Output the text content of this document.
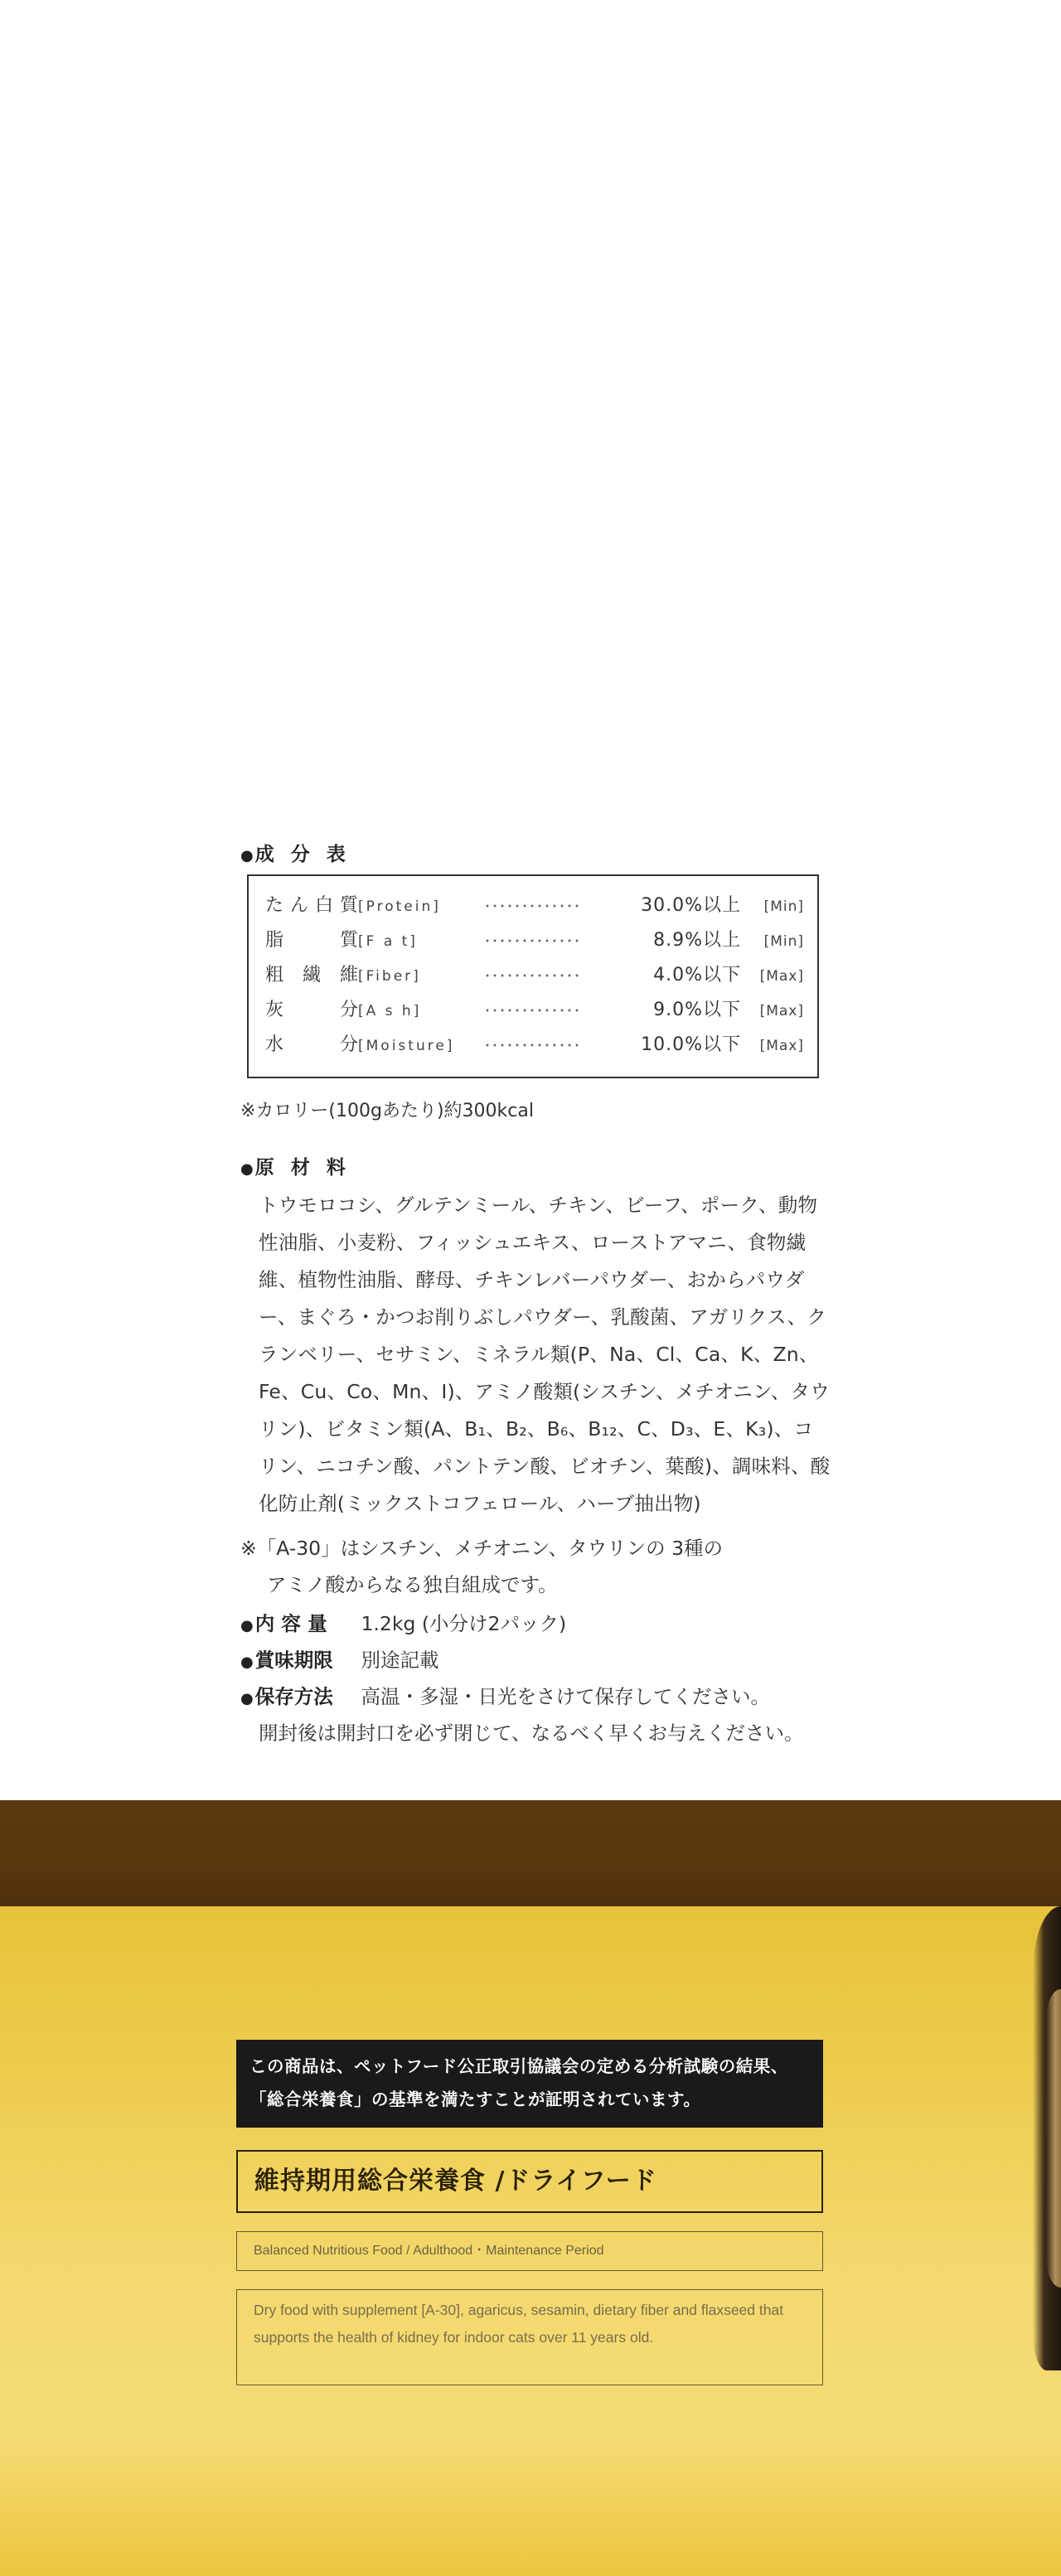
●成 分 表
た ん 白 質 [Protein]	･････････････	30.0%以上	[Min]
脂	質 [F a t]	･････････････	8.9%以上	[Min]
粗 繊 維 [Fiber]	･････････････	4.0%以下	[Max]
灰	分 [A s h]	･････････････	9.0%以下	[Max]
水	分 [Moisture]	･････････････	10.0%以下	[Max]
※カロリー(100gあたり)約300kcal
●原 材 料
トウモロコシ、グルテンミール、チキン、ビーフ、ポーク、動物性油脂、小麦粉、フィッシュエキス、ローストアマニ、食物繊維、植物性油脂、酵母、チキンレバーパウダー、おからパウダー、まぐろ・かつお削りぶしパウダー、乳酸菌、アガリクス、クランベリー、セサミン、ミネラル類(P、Na、Cl、Ca、K、Zn、Fe、Cu、Co、Mn、I)、アミノ酸類(シスチン、メチオニン、タウリン)、ビタミン類(A、B₁、B₂、B₆、B₁₂、C、D₃、E、K₃)、コリン、ニコチン酸、パントテン酸、ビオチン、葉酸)、調味料、酸化防止剤(ミックストコフェロール、ハーブ抽出物)
※「A-30」はシスチン、メチオニン、タウリンの 3種の
アミノ酸からなる独自組成です。
●内 容 量 1.2kg (小分け2パック)
●賞味期限 別途記載
●保存方法 高温・多湿・日光をさけて保存してください。
開封後は開封口を必ず閉じて、なるべく早くお与えください。
この商品は、ペットフード公正取引協議会の定める分析試験の結果、「総合栄養食」の基準を満たすことが証明されています。
維持期用総合栄養食 /ドライフード
Balanced Nutritious Food / Adulthood・Maintenance Period
Dry food with supplement [A-30], agaricus, sesamin, dietary fiber and flaxseed that supports the health of kidney for indoor cats over 11 years old.
